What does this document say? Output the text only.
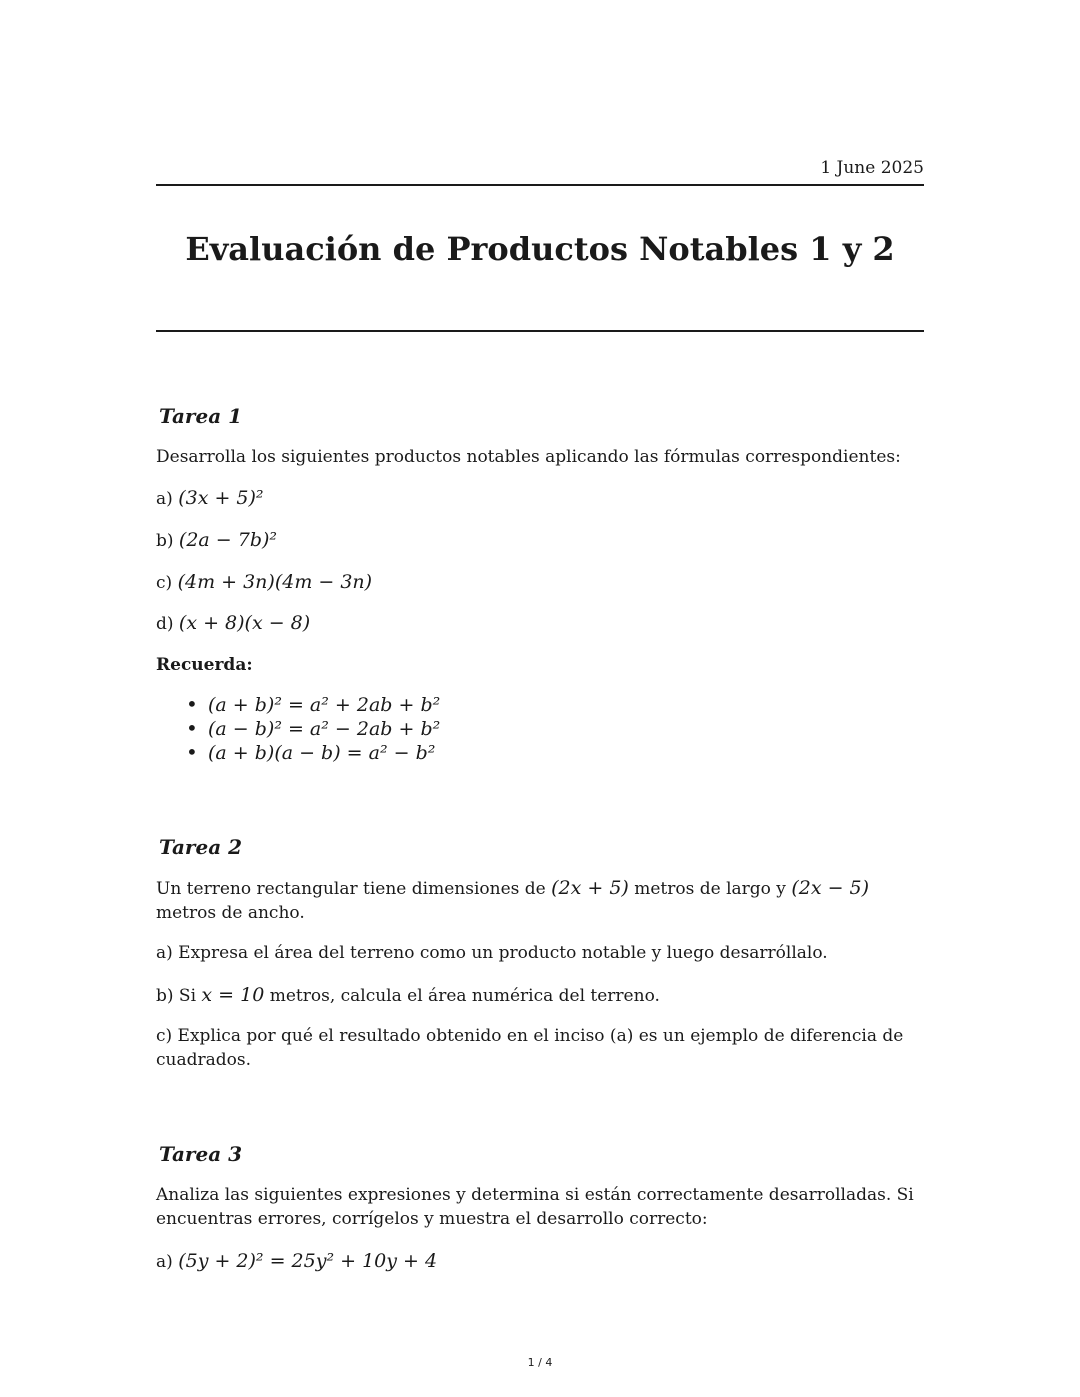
1 June 2025
Evaluación de Productos Notables 1 y 2
Tarea 1
Desarrolla los siguientes productos notables aplicando las fórmulas correspondientes:
a) (3x + 5)²
b) (2a − 7b)²
c) (4m + 3n)(4m − 3n)
d) (x + 8)(x − 8)
Recuerda:
• (a + b)² = a² + 2ab + b²
• (a − b)² = a² − 2ab + b²
• (a + b)(a − b) = a² − b²
Tarea 2
Un terreno rectangular tiene dimensiones de (2x + 5) metros de largo y (2x − 5) metros de ancho.
a) Expresa el área del terreno como un producto notable y luego desarróllalo.
b) Si x = 10 metros, calcula el área numérica del terreno.
c) Explica por qué el resultado obtenido en el inciso (a) es un ejemplo de diferencia de cuadrados.
Tarea 3
Analiza las siguientes expresiones y determina si están correctamente desarrolladas. Si encuentras errores, corrígelos y muestra el desarrollo correcto:
a) (5y + 2)² = 25y² + 10y + 4
1 / 4
